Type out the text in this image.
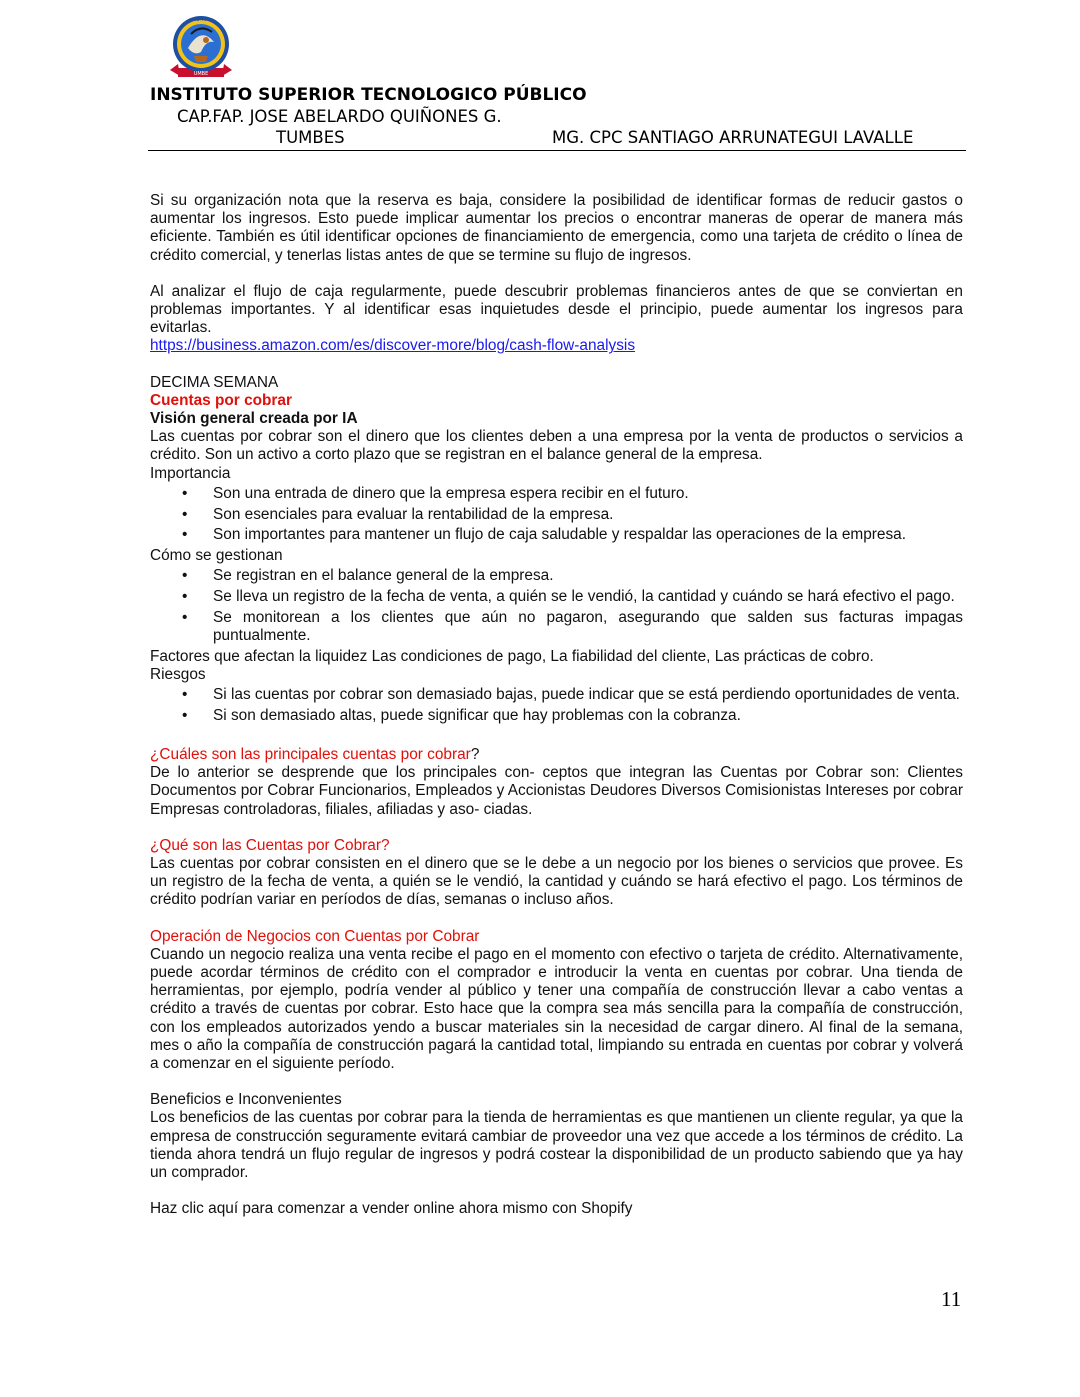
I.S.T.P.
UMBE
INSTITUTO SUPERIOR TECNOLOGICO PÚBLICO
CAP.FAP. JOSE ABELARDO QUIÑONES G.
TUMBES	MG. CPC SANTIAGO ARRUNATEGUI LAVALLE

Si su organización nota que la reserva es baja, considere la posibilidad de identificar formas de reducir gastos o aumentar los ingresos. Esto puede implicar aumentar los precios o encontrar maneras de operar de manera más eficiente. También es útil identificar opciones de financiamiento de emergencia, como una tarjeta de crédito o línea de crédito comercial, y tenerlas listas antes de que se termine su flujo de ingresos.

Al analizar el flujo de caja regularmente, puede descubrir problemas financieros antes de que se conviertan en problemas importantes. Y al identificar esas inquietudes desde el principio, puede aumentar los ingresos para evitarlas.

https://business.amazon.com/es/discover-more/blog/cash-flow-analysis

DECIMA SEMANA

Cuentas por cobrar

Visión general creada por IA

Las cuentas por cobrar son el dinero que los clientes deben a una empresa por la venta de productos o servicios a crédito. Son un activo a corto plazo que se registran en el balance general de la empresa.

Importancia

• Son una entrada de dinero que la empresa espera recibir en el futuro.
• Son esenciales para evaluar la rentabilidad de la empresa.
• Son importantes para mantener un flujo de caja saludable y respaldar las operaciones de la empresa.

Cómo se gestionan

• Se registran en el balance general de la empresa.
• Se lleva un registro de la fecha de venta, a quién se le vendió, la cantidad y cuándo se hará efectivo el pago.
• Se monitorean a los clientes que aún no pagaron, asegurando que salden sus facturas impagas puntualmente.

Factores que afectan la liquidez Las condiciones de pago, La fiabilidad del cliente, Las prácticas de cobro.

Riesgos

• Si las cuentas por cobrar son demasiado bajas, puede indicar que se está perdiendo oportunidades de venta.
• Si son demasiado altas, puede significar que hay problemas con la cobranza.

¿Cuáles son las principales cuentas por cobrar?

De lo anterior se desprende que los principales con- ceptos que integran las Cuentas por Cobrar son: Clientes Documentos por Cobrar Funcionarios, Empleados y Accionistas Deudores Diversos Comisionistas Intereses por cobrar Empresas controladoras, filiales, afiliadas y aso- ciadas.

¿Qué son las Cuentas por Cobrar?

Las cuentas por cobrar consisten en el dinero que se le debe a un negocio por los bienes o servicios que provee. Es un registro de la fecha de venta, a quién se le vendió, la cantidad y cuándo se hará efectivo el pago. Los términos de crédito podrían variar en períodos de días, semanas o incluso años.

Operación de Negocios con Cuentas por Cobrar

Cuando un negocio realiza una venta recibe el pago en el momento con efectivo o tarjeta de crédito. Alternativamente, puede acordar términos de crédito con el comprador e introducir la venta en cuentas por cobrar. Una tienda de herramientas, por ejemplo, podría vender al público y tener una compañía de construcción llevar a cabo ventas a crédito a través de cuentas por cobrar. Esto hace que la compra sea más sencilla para la compañía de construcción, con los empleados autorizados yendo a buscar materiales sin la necesidad de cargar dinero. Al final de la semana, mes o año la compañía de construcción pagará la cantidad total, limpiando su entrada en cuentas por cobrar y volverá a comenzar en el siguiente período.

Beneficios e Inconvenientes

Los beneficios de las cuentas por cobrar para la tienda de herramientas es que mantienen un cliente regular, ya que la empresa de construcción seguramente evitará cambiar de proveedor una vez que accede a los términos de crédito. La tienda ahora tendrá un flujo regular de ingresos y podrá costear la disponibilidad de un producto sabiendo que ya hay un comprador.

Haz clic aquí para comenzar a vender online ahora mismo con Shopify

11
